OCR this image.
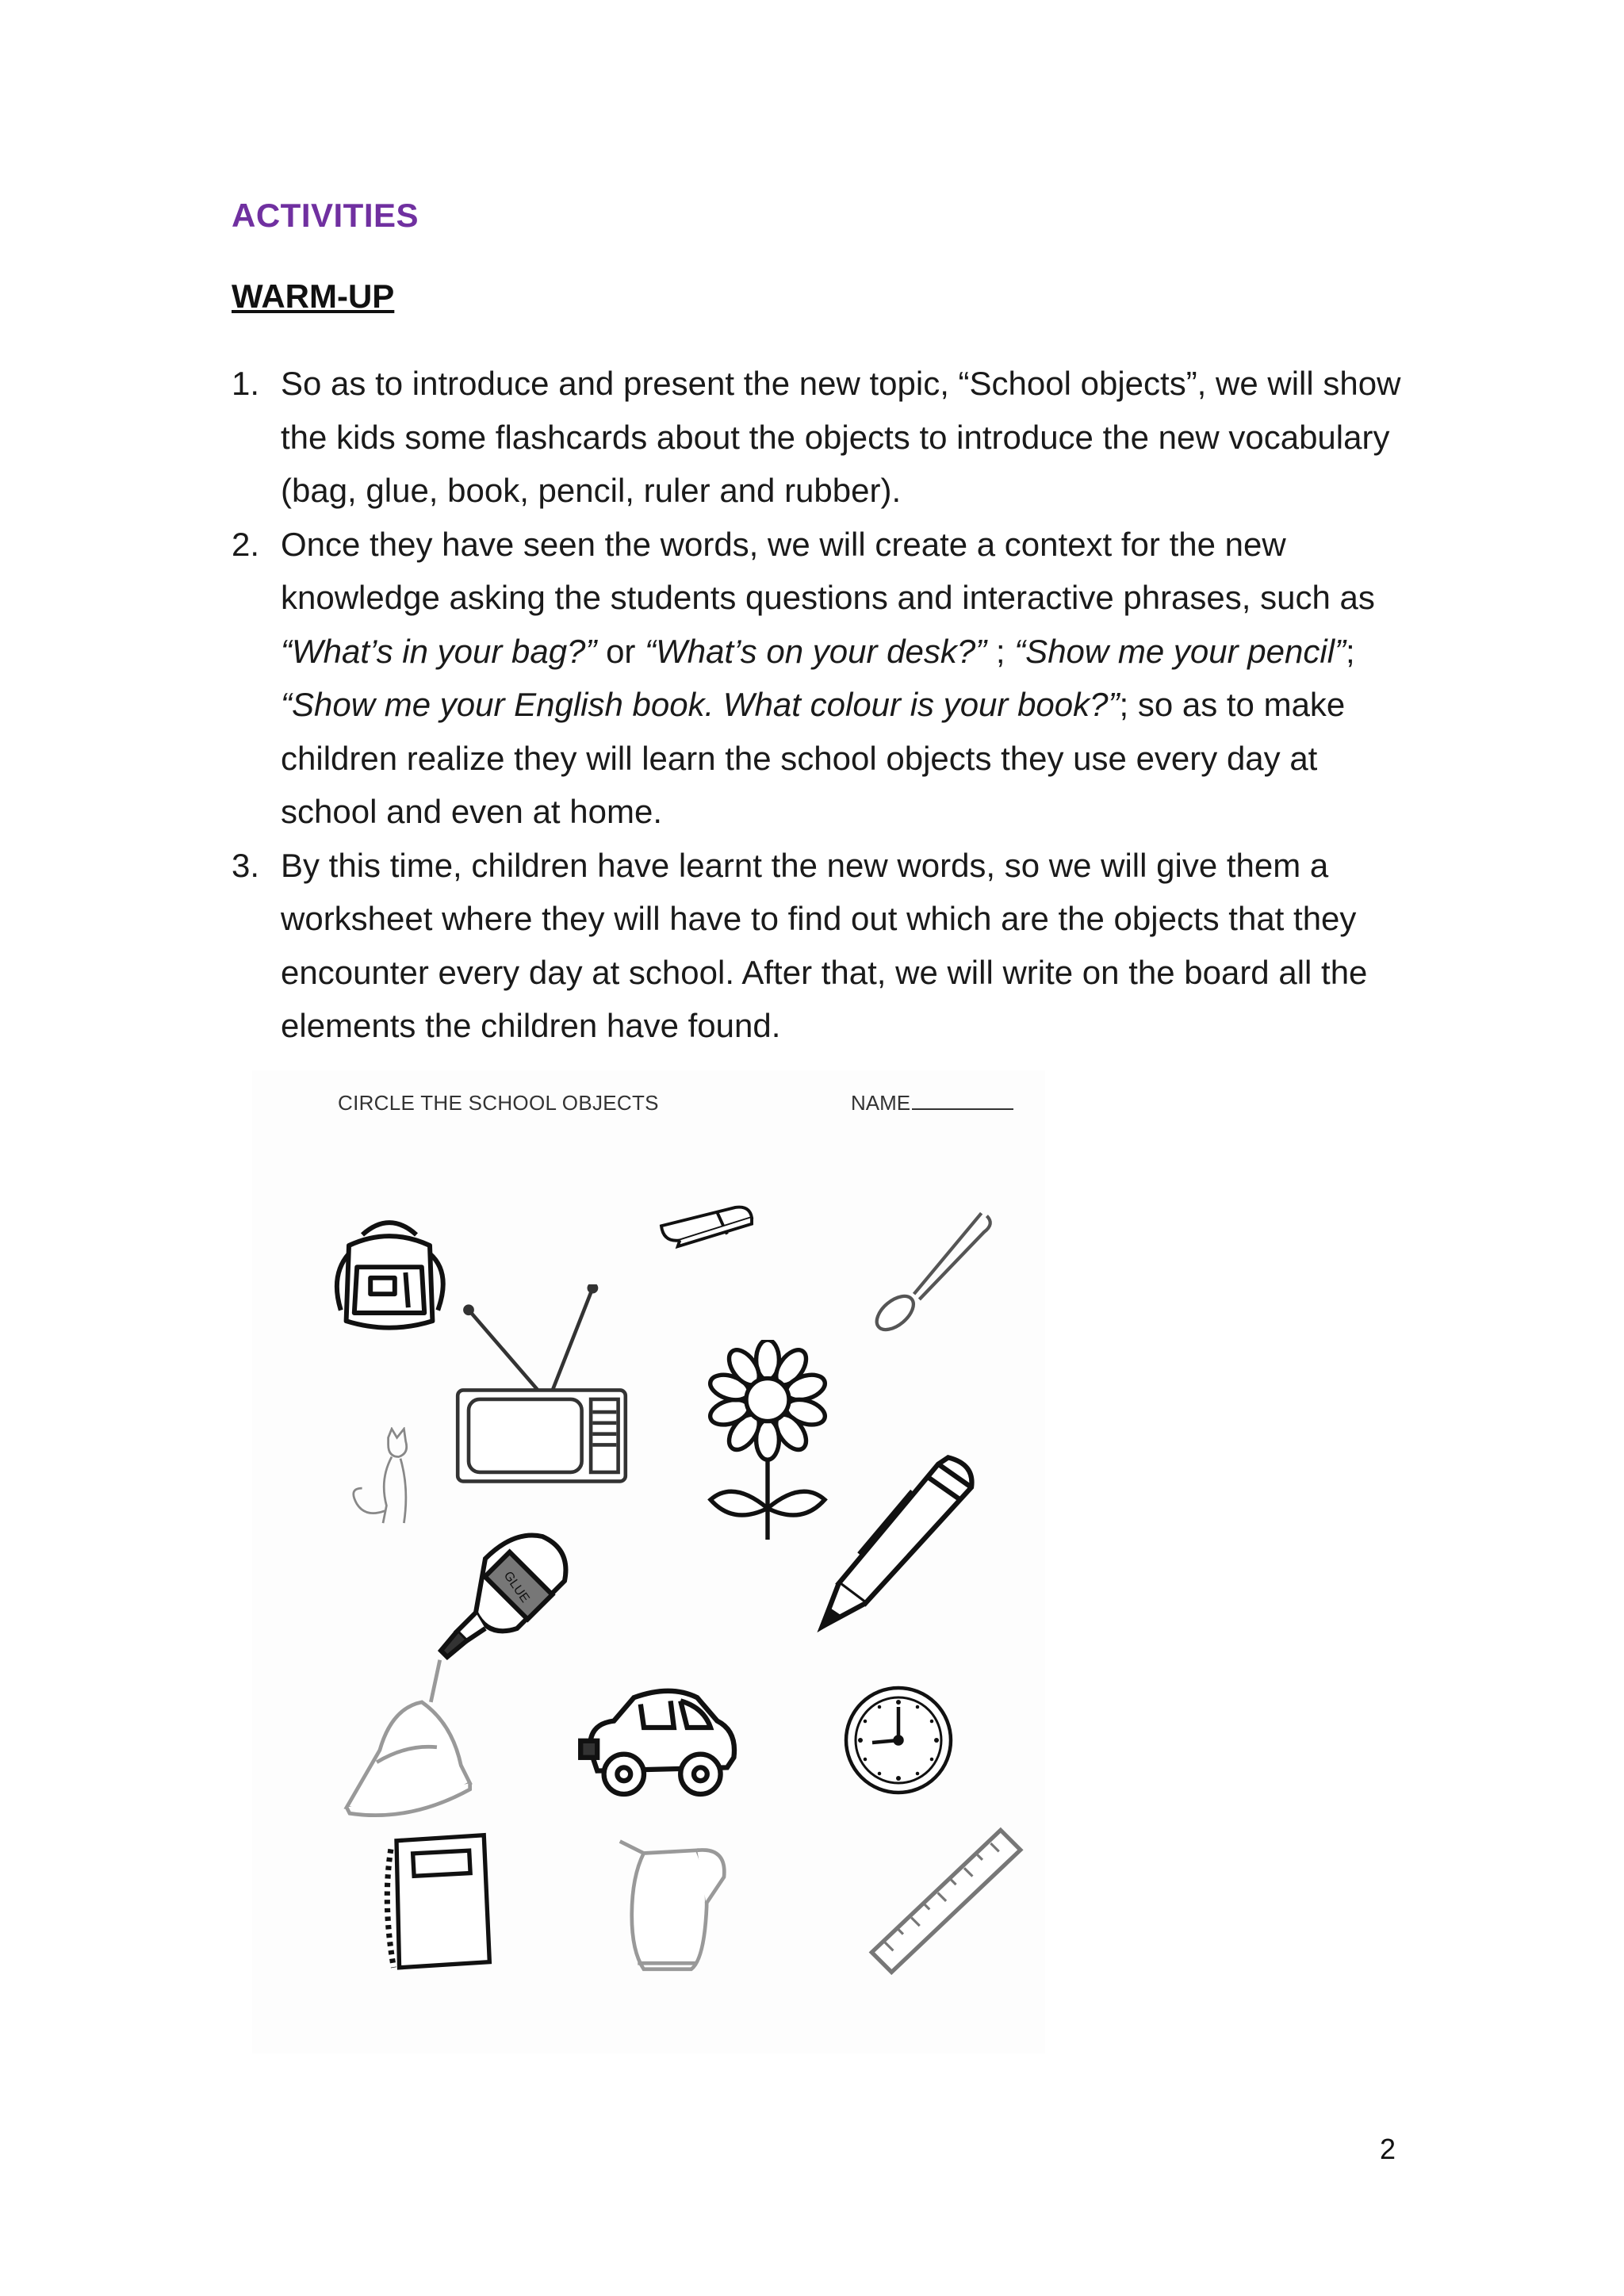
ACTIVITIES
WARM-UP
1. So as to introduce and present the new topic, “School objects”, we will show the kids some flashcards about the objects to introduce the new vocabulary (bag, glue, book, pencil, ruler and rubber).
2. Once they have seen the words, we will create a context for the new knowledge asking the students questions and interactive phrases, such as “What’s in your bag?” or “What’s on your desk?” ; “Show me your pencil”; “Show me your English book. What colour is your book?”; so as to make children realize they will learn the school objects they use every day at school and even at home.
3. By this time, children have learnt the new words, so we will give them a worksheet where they will have to find out which are the objects that they encounter every day at school. After that, we will write on the board all the elements the children have found.
CIRCLE THE SCHOOL OBJECTS	NAME
GLUE
2
